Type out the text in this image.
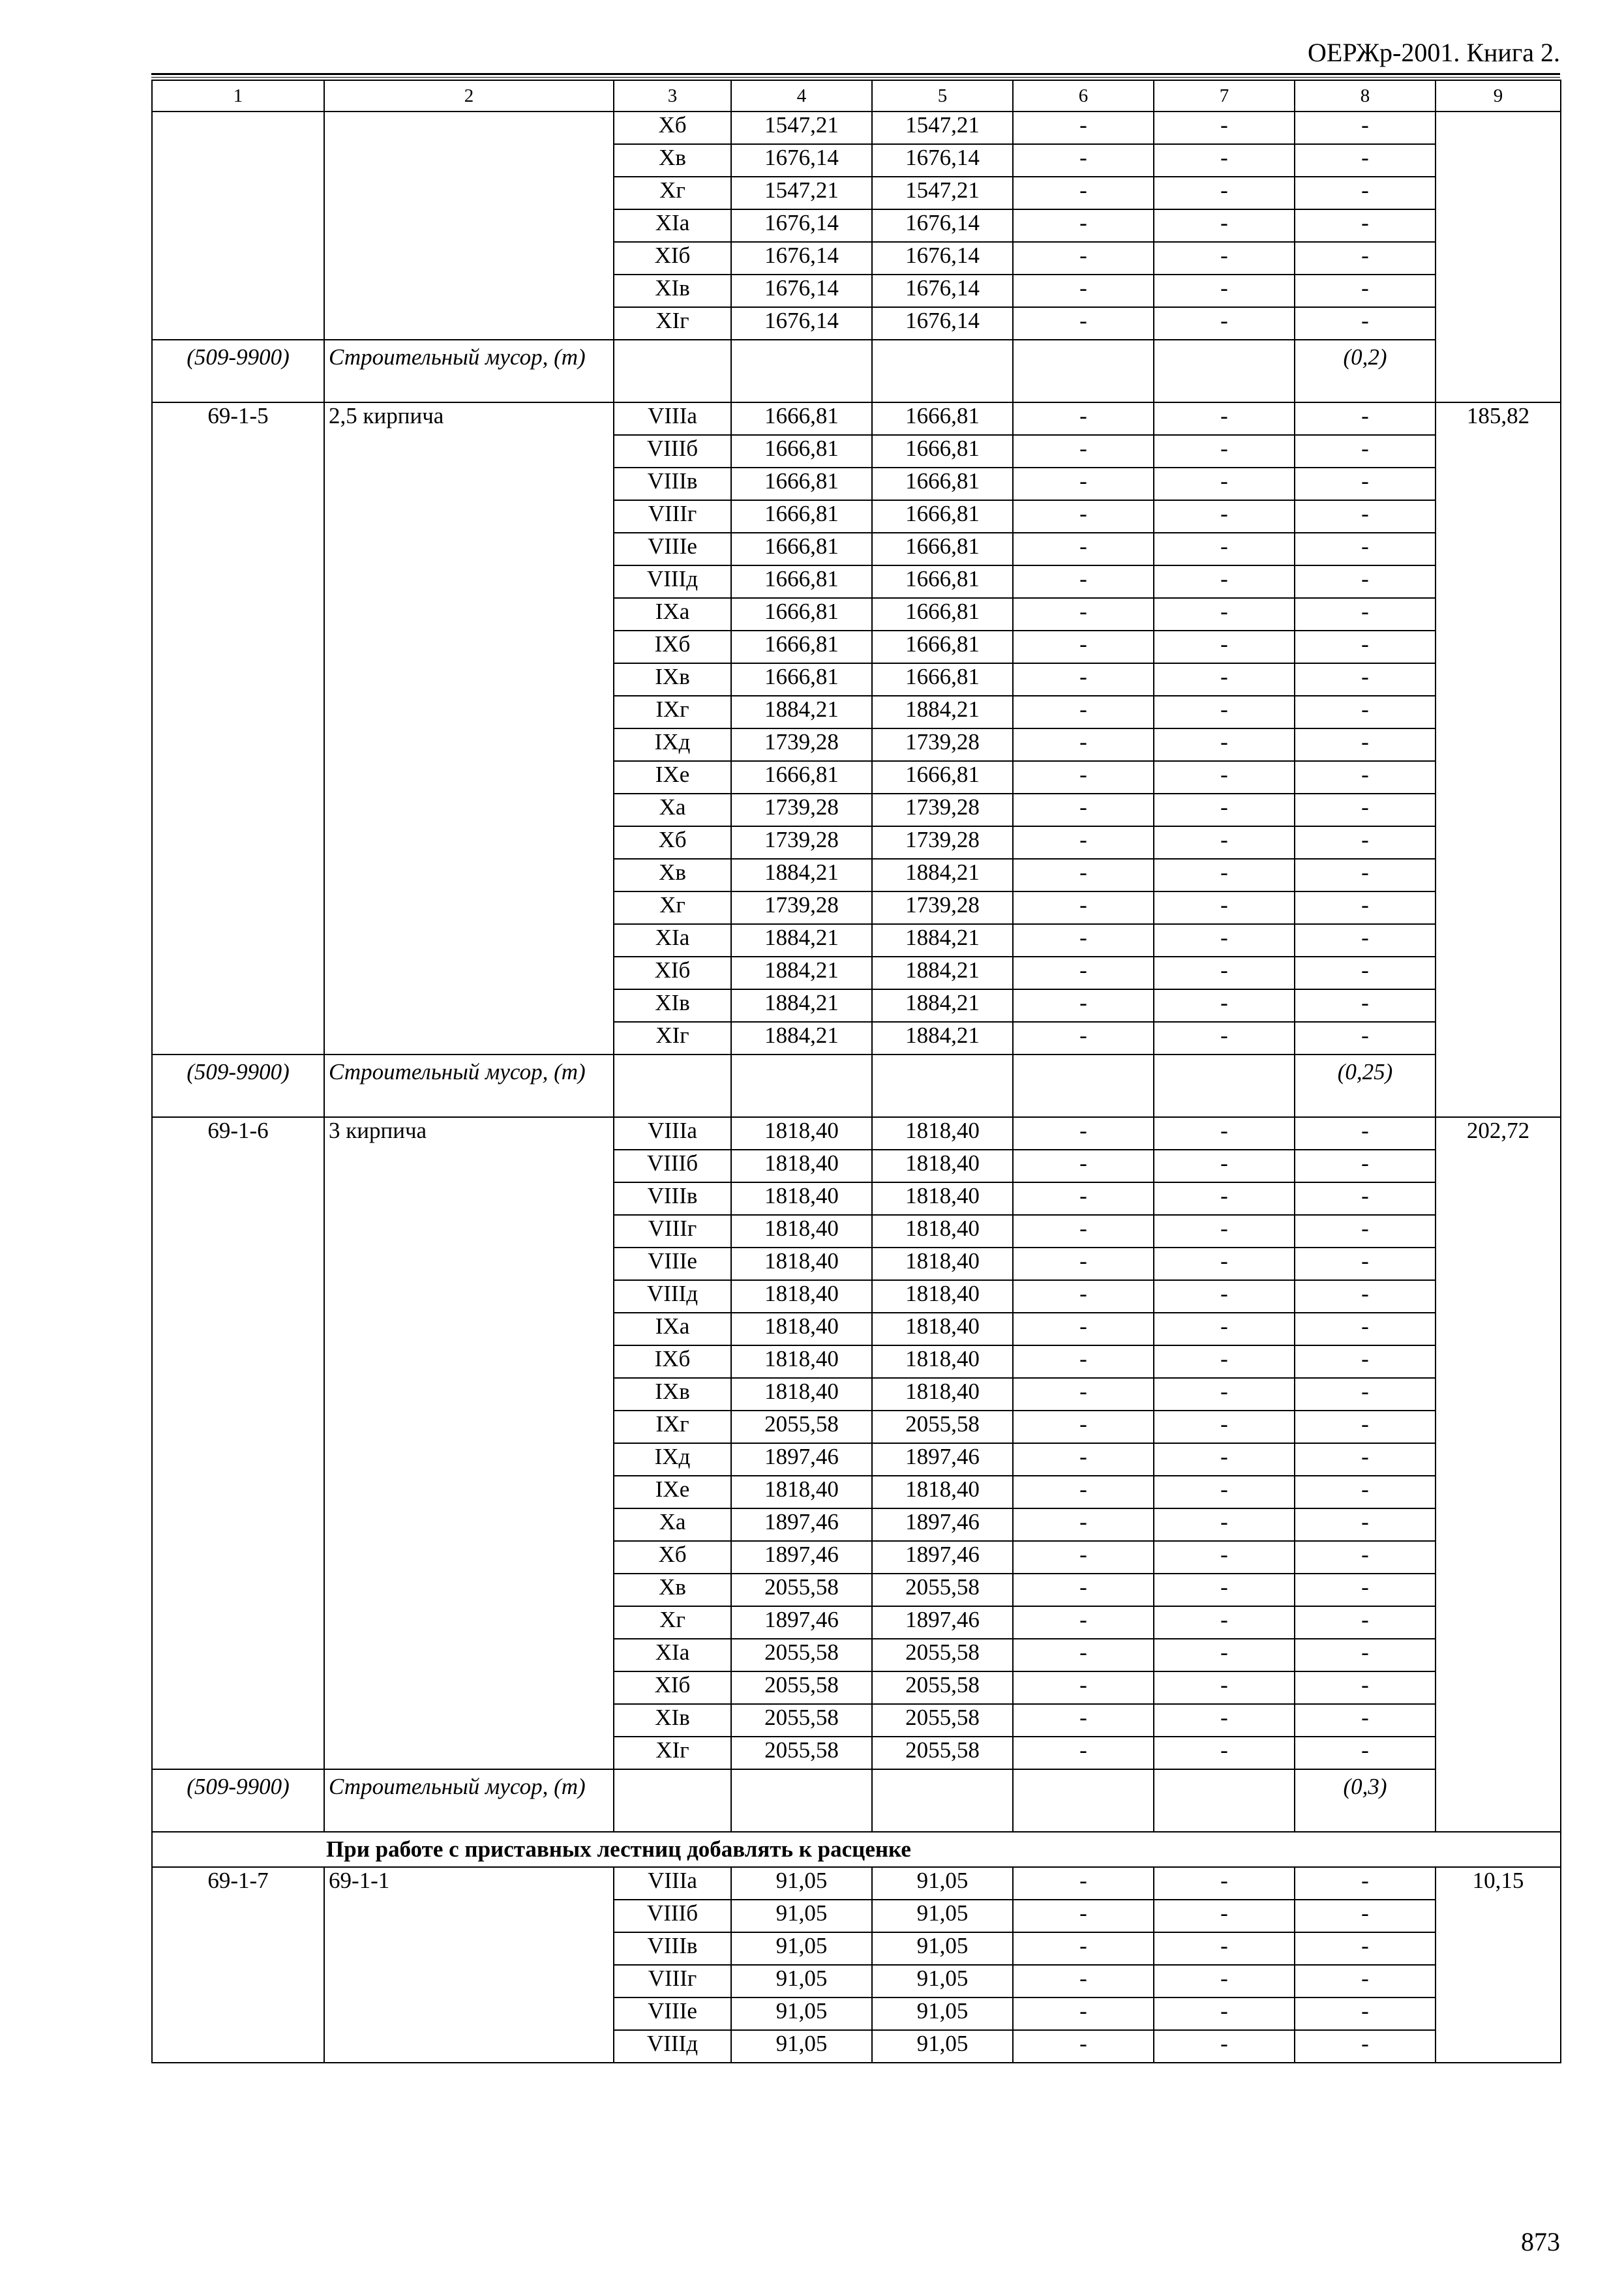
ОЕРЖр-2001. Книга 2.
1	2	3	4	5	6	7	8	9
		Xб	1547,21	1547,21	-	-	-	
		Xв	1676,14	1676,14	-	-	-	
		Xг	1547,21	1547,21	-	-	-	
		XIа	1676,14	1676,14	-	-	-	
		XIб	1676,14	1676,14	-	-	-	
		XIв	1676,14	1676,14	-	-	-	
		XIг	1676,14	1676,14	-	-	-	
(509-9900)	Строительный мусор, (т)						(0,2)	
69-1-5	2,5 кирпича	VIIIа	1666,81	1666,81	-	-	-	185,82
		VIIIб	1666,81	1666,81	-	-	-	
		VIIIв	1666,81	1666,81	-	-	-	
		VIIIг	1666,81	1666,81	-	-	-	
		VIIIе	1666,81	1666,81	-	-	-	
		VIIIд	1666,81	1666,81	-	-	-	
		IXа	1666,81	1666,81	-	-	-	
		IXб	1666,81	1666,81	-	-	-	
		IXв	1666,81	1666,81	-	-	-	
		IXг	1884,21	1884,21	-	-	-	
		IXд	1739,28	1739,28	-	-	-	
		IXе	1666,81	1666,81	-	-	-	
		Xа	1739,28	1739,28	-	-	-	
		Xб	1739,28	1739,28	-	-	-	
		Xв	1884,21	1884,21	-	-	-	
		Xг	1739,28	1739,28	-	-	-	
		XIа	1884,21	1884,21	-	-	-	
		XIб	1884,21	1884,21	-	-	-	
		XIв	1884,21	1884,21	-	-	-	
		XIг	1884,21	1884,21	-	-	-	
(509-9900)	Строительный мусор, (т)						(0,25)	
69-1-6	3 кирпича	VIIIа	1818,40	1818,40	-	-	-	202,72
		VIIIб	1818,40	1818,40	-	-	-	
		VIIIв	1818,40	1818,40	-	-	-	
		VIIIг	1818,40	1818,40	-	-	-	
		VIIIе	1818,40	1818,40	-	-	-	
		VIIIд	1818,40	1818,40	-	-	-	
		IXа	1818,40	1818,40	-	-	-	
		IXб	1818,40	1818,40	-	-	-	
		IXв	1818,40	1818,40	-	-	-	
		IXг	2055,58	2055,58	-	-	-	
		IXд	1897,46	1897,46	-	-	-	
		IXе	1818,40	1818,40	-	-	-	
		Xа	1897,46	1897,46	-	-	-	
		Xб	1897,46	1897,46	-	-	-	
		Xв	2055,58	2055,58	-	-	-	
		Xг	1897,46	1897,46	-	-	-	
		XIа	2055,58	2055,58	-	-	-	
		XIб	2055,58	2055,58	-	-	-	
		XIв	2055,58	2055,58	-	-	-	
		XIг	2055,58	2055,58	-	-	-	
(509-9900)	Строительный мусор, (т)						(0,3)	
При работе с приставных лестниц добавлять к расценке								
69-1-7	69-1-1	VIIIа	91,05	91,05	-	-	-	10,15
		VIIIб	91,05	91,05	-	-	-	
		VIIIв	91,05	91,05	-	-	-	
		VIIIг	91,05	91,05	-	-	-	
		VIIIе	91,05	91,05	-	-	-	
		VIIIд	91,05	91,05	-	-	-	
873
